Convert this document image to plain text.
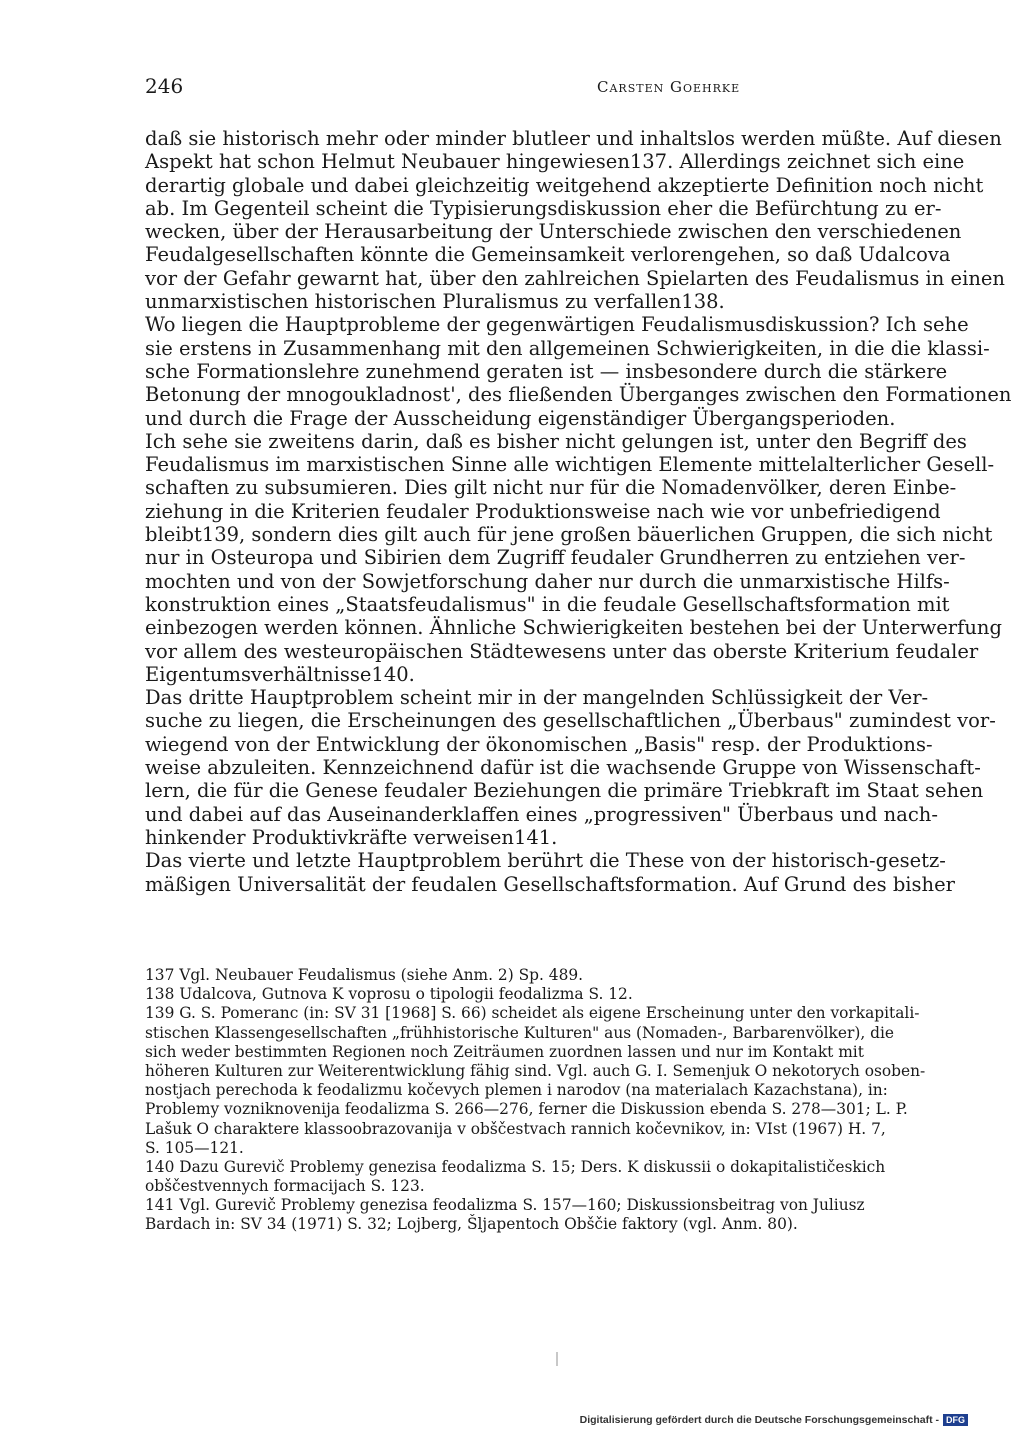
246	Carsten Goehrke
daß sie historisch mehr oder minder blutleer und inhaltslos werden müßte. Auf diesen
Aspekt hat schon Helmut Neubauer hingewiesen137. Allerdings zeichnet sich eine
derartig globale und dabei gleichzeitig weitgehend akzeptierte Definition noch nicht
ab. Im Gegenteil scheint die Typisierungsdiskussion eher die Befürchtung zu er-
wecken, über der Herausarbeitung der Unterschiede zwischen den verschiedenen
Feudalgesellschaften könnte die Gemeinsamkeit verlorengehen, so daß Udalcova
vor der Gefahr gewarnt hat, über den zahlreichen Spielarten des Feudalismus in einen
unmarxistischen historischen Pluralismus zu verfallen138.
Wo liegen die Hauptprobleme der gegenwärtigen Feudalismusdiskussion? Ich sehe
sie erstens in Zusammenhang mit den allgemeinen Schwierigkeiten, in die die klassi-
sche Formationslehre zunehmend geraten ist — insbesondere durch die stärkere
Betonung der mnogoukladnost', des fließenden Überganges zwischen den Formationen
und durch die Frage der Ausscheidung eigenständiger Übergangsperioden.
Ich sehe sie zweitens darin, daß es bisher nicht gelungen ist, unter den Begriff des
Feudalismus im marxistischen Sinne alle wichtigen Elemente mittelalterlicher Gesell-
schaften zu subsumieren. Dies gilt nicht nur für die Nomadenvölker, deren Einbe-
ziehung in die Kriterien feudaler Produktionsweise nach wie vor unbefriedigend
bleibt139, sondern dies gilt auch für jene großen bäuerlichen Gruppen, die sich nicht
nur in Osteuropa und Sibirien dem Zugriff feudaler Grundherren zu entziehen ver-
mochten und von der Sowjetforschung daher nur durch die unmarxistische Hilfs-
konstruktion eines „Staatsfeudalismus" in die feudale Gesellschaftsformation mit
einbezogen werden können. Ähnliche Schwierigkeiten bestehen bei der Unterwerfung
vor allem des westeuropäischen Städtewesens unter das oberste Kriterium feudaler
Eigentumsverhältnisse140.
Das dritte Hauptproblem scheint mir in der mangelnden Schlüssigkeit der Ver-
suche zu liegen, die Erscheinungen des gesellschaftlichen „Überbaus" zumindest vor-
wiegend von der Entwicklung der ökonomischen „Basis" resp. der Produktions-
weise abzuleiten. Kennzeichnend dafür ist die wachsende Gruppe von Wissenschaft-
lern, die für die Genese feudaler Beziehungen die primäre Triebkraft im Staat sehen
und dabei auf das Auseinanderklaffen eines „progressiven" Überbaus und nach-
hinkender Produktivkräfte verweisen141.
Das vierte und letzte Hauptproblem berührt die These von der historisch-gesetz-
mäßigen Universalität der feudalen Gesellschaftsformation. Auf Grund des bisher
137 Vgl. Neubauer Feudalismus (siehe Anm. 2) Sp. 489.
138 Udalcova, Gutnova K voprosu o tipologii feodalizma S. 12.
139 G. S. Pomeranc (in: SV 31 [1968] S. 66) scheidet als eigene Erscheinung unter den vorkapitali-
stischen Klassengesellschaften „frühhistorische Kulturen" aus (Nomaden-, Barbarenvölker), die
sich weder bestimmten Regionen noch Zeiträumen zuordnen lassen und nur im Kontakt mit
höheren Kulturen zur Weiterentwicklung fähig sind. Vgl. auch G. I. Semenjuk O nekotorych osoben-
nostjach perechoda k feodalizmu kočevych plemen i narodov (na materialach Kazachstana), in:
Problemy vozniknovenija feodalizma S. 266—276, ferner die Diskussion ebenda S. 278—301; L. P.
Lašuk O charaktere klassoobrazovanija v obščestvach rannich kočevnikov, in: VIst (1967) H. 7,
S. 105—121.
140 Dazu Gurevič Problemy genezisa feodalizma S. 15; Ders. K diskussii o dokapitalističeskich
obščestvennych formacijach S. 123.
141 Vgl. Gurevič Problemy genezisa feodalizma S. 157—160; Diskussionsbeitrag von Juliusz
Bardach in: SV 34 (1971) S. 32; Lojberg, Šljapentoch Obščie faktory (vgl. Anm. 80).
Digitalisierung gefördert durch die Deutsche Forschungsgemeinschaft - DFG
